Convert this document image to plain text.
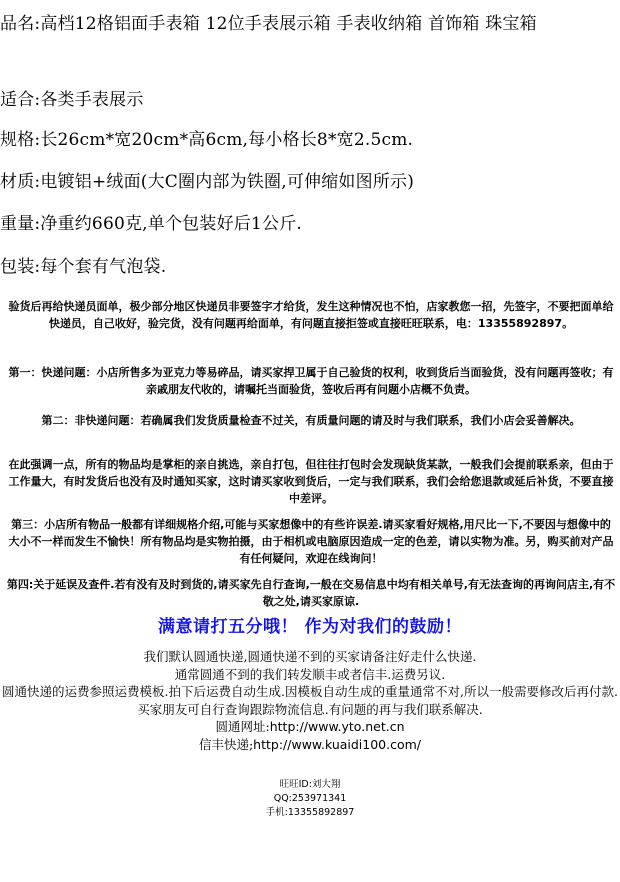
品名:高档12格铝面手表箱 12位手表展示箱 手表收纳箱 首饰箱 珠宝箱
适合:各类手表展示
规格:长26cm*宽20cm*高6cm,每小格长8*宽2.5cm.
材质:电镀铝+绒面(大C圈内部为铁圈,可伸缩如图所示)
重量:净重约660克,单个包装好后1公斤.
包装:每个套有气泡袋.
验货后再给快递员面单，极少部分地区快递员非要签字才给货，发生这种情况也不怕，店家教您一招，先签字，不要把面单给快递员，自己收好，验完货，没有问题再给面单，有问题直接拒签或直接旺旺联系，电：13355892897。
第一：快递问题：小店所售多为亚克力等易碎品，请买家捍卫属于自己验货的权利，收到货后当面验货，没有问题再签收；有亲戚朋友代收的，请嘱托当面验货，签收后再有问题小店概不负责。
第二：非快递问题：若确属我们发货质量检查不过关，有质量问题的请及时与我们联系，我们小店会妥善解决。
在此强调一点，所有的物品均是掌柜的亲自挑选，亲自打包，但往往打包时会发现缺货某款，一般我们会提前联系亲，但由于工作量大，有时发货后也没有及时通知买家，这时请买家收到货后，一定与我们联系，我们会给您退款或延后补货，不要直接中差评。
第三：小店所有物品一般都有详细规格介绍,可能与买家想像中的有些许误差.请买家看好规格,用尺比一下,不要因与想像中的大小不一样而发生不愉快！所有物品均是实物拍摄，由于相机或电脑原因造成一定的色差，请以实物为准。另，购买前对产品有任何疑问，欢迎在线询问！
第四:关于延误及查件.若有没有及时到货的,请买家先自行查询,一般在交易信息中均有相关单号,有无法查询的再询问店主,有不敬之处,请买家原谅.
满意请打五分哦！ 作为对我们的鼓励！
我们默认圆通快递,圆通快递不到的买家请备注好走什么快递.
通常圆通不到的我们转发顺丰或者信丰.运费另议.
圆通快递的运费参照运费模板.拍下后运费自动生成.因模板自动生成的重量通常不对,所以一般需要修改后再付款.
买家朋友可自行查询跟踪物流信息.有问题的再与我们联系解决.
圆通网址:http://www.yto.net.cn
信丰快递;http://www.kuaidi100.com/
旺旺ID:刘大翔
QQ:253971341
手机:13355892897
